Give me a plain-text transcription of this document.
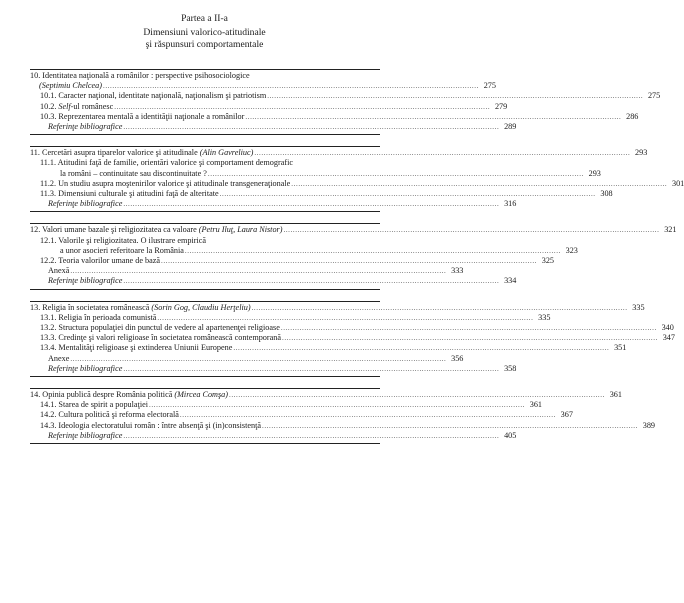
Partea a II-a
Dimensiuni valorico-atitudinale
şi răspunsuri comportamentale
10. Identitatea naţională a românilor : perspective psihosociologice
(Septimiu Chelcea) .....	275
10.1. Caracter naţional, identitate naţională, naţionalism şi patriotism .....	275
10.2. Self-ul românesc .....	279
10.3. Reprezentarea mentală a identităţii naţionale a românilor .....	286
Referinţe bibliografice .....	289
11. Cercetări asupra tiparelor valorice şi atitudinale (Alin Gavreliuc) .....	293
11.1. Atitudini faţă de familie, orientări valorice şi comportament demografic
la români – continuitate sau discontinuitate ? .....	293
11.2. Un studiu asupra moştenirilor valorice şi atitudinale transgeneraţionale .....	301
11.3. Dimensiuni culturale şi atitudini faţă de alteritate .....	308
Referinţe bibliografice .....	316
12. Valori umane bazale şi religiozitatea ca valoare (Petru Iluţ, Laura Nistor) .....	321
12.1. Valorile şi religiozitatea. O ilustrare empirică
a unor asocieri referitoare la România .....	323
12.2. Teoria valorilor umane de bază .....	325
Anexă .....	333
Referinţe bibliografice .....	334
13. Religia în societatea românească (Sorin Gog, Claudiu Herţeliu) .....	335
13.1. Religia în perioada comunistă .....	335
13.2. Structura populaţiei din punctul de vedere al apartenenţei religioase .....	340
13.3. Credinţe şi valori religioase în societatea românească contemporană .....	347
13.4. Mentalităţi religioase şi extinderea Uniunii Europene .....	351
Anexe .....	356
Referinţe bibliografice .....	358
14. Opinia publică despre România politică (Mircea Comşa) .....	361
14.1. Starea de spirit a populaţiei .....	361
14.2. Cultura politică şi reforma electorală .....	367
14.3. Ideologia electoratului român : între absenţă şi (in)consistenţă .....	389
Referinţe bibliografice .....	405
